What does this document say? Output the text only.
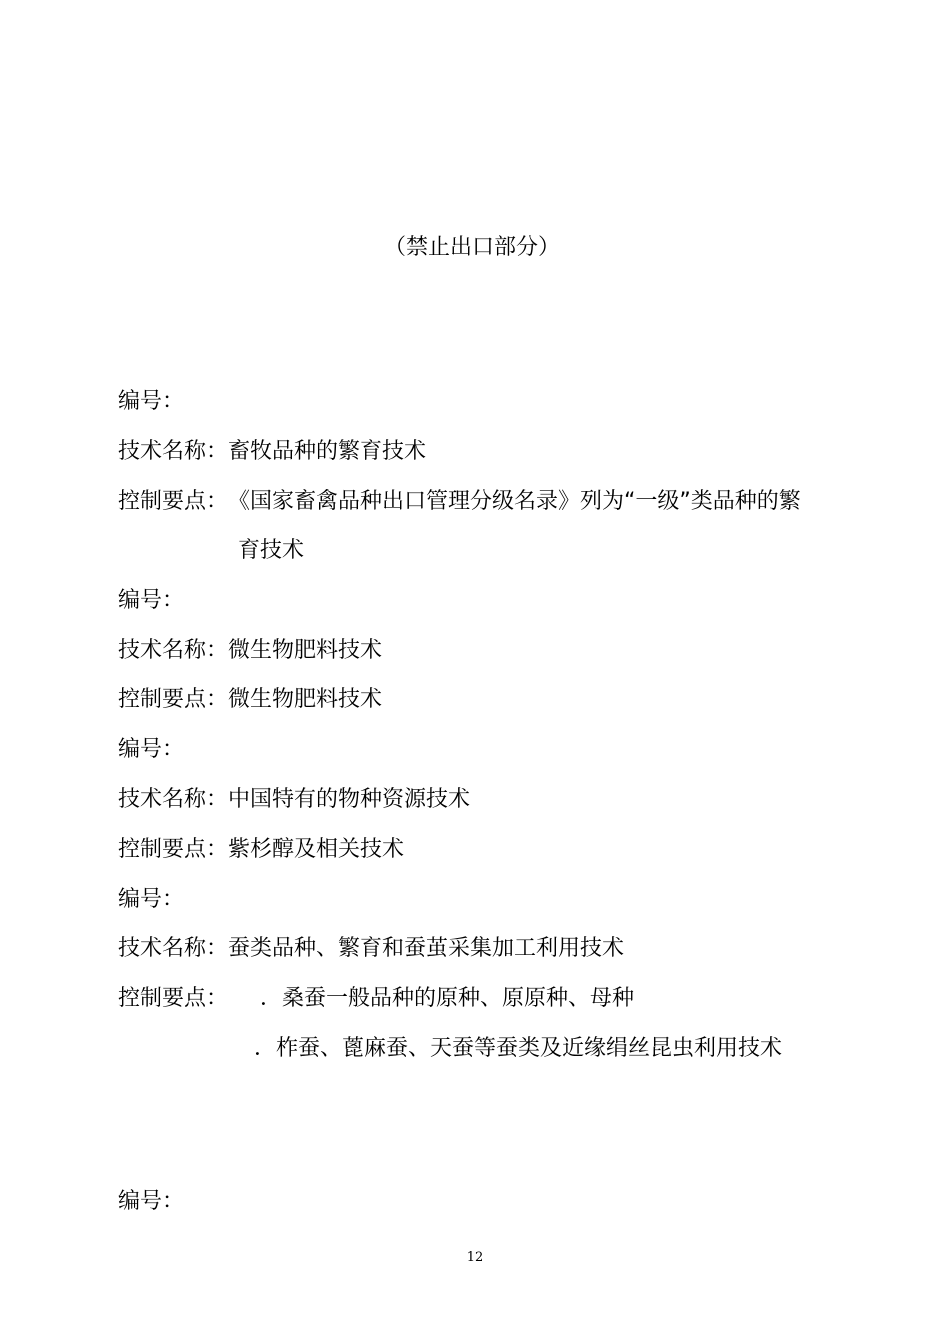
（禁止出口部分）

编号：
技术名称：畜牧品种的繁育技术
控制要点：《国家畜禽品种出口管理分级名录》列为“一级”类品种的繁
育技术
编号：
技术名称：微生物肥料技术
控制要点：微生物肥料技术
编号：
技术名称：中国特有的物种资源技术
控制要点：紫杉醇及相关技术
编号：
技术名称：蚕类品种、繁育和蚕茧采集加工利用技术
控制要点： ．桑蚕一般品种的原种、原原种、母种
．柞蚕、蓖麻蚕、天蚕等蚕类及近缘绢丝昆虫利用技术

编号：
12
